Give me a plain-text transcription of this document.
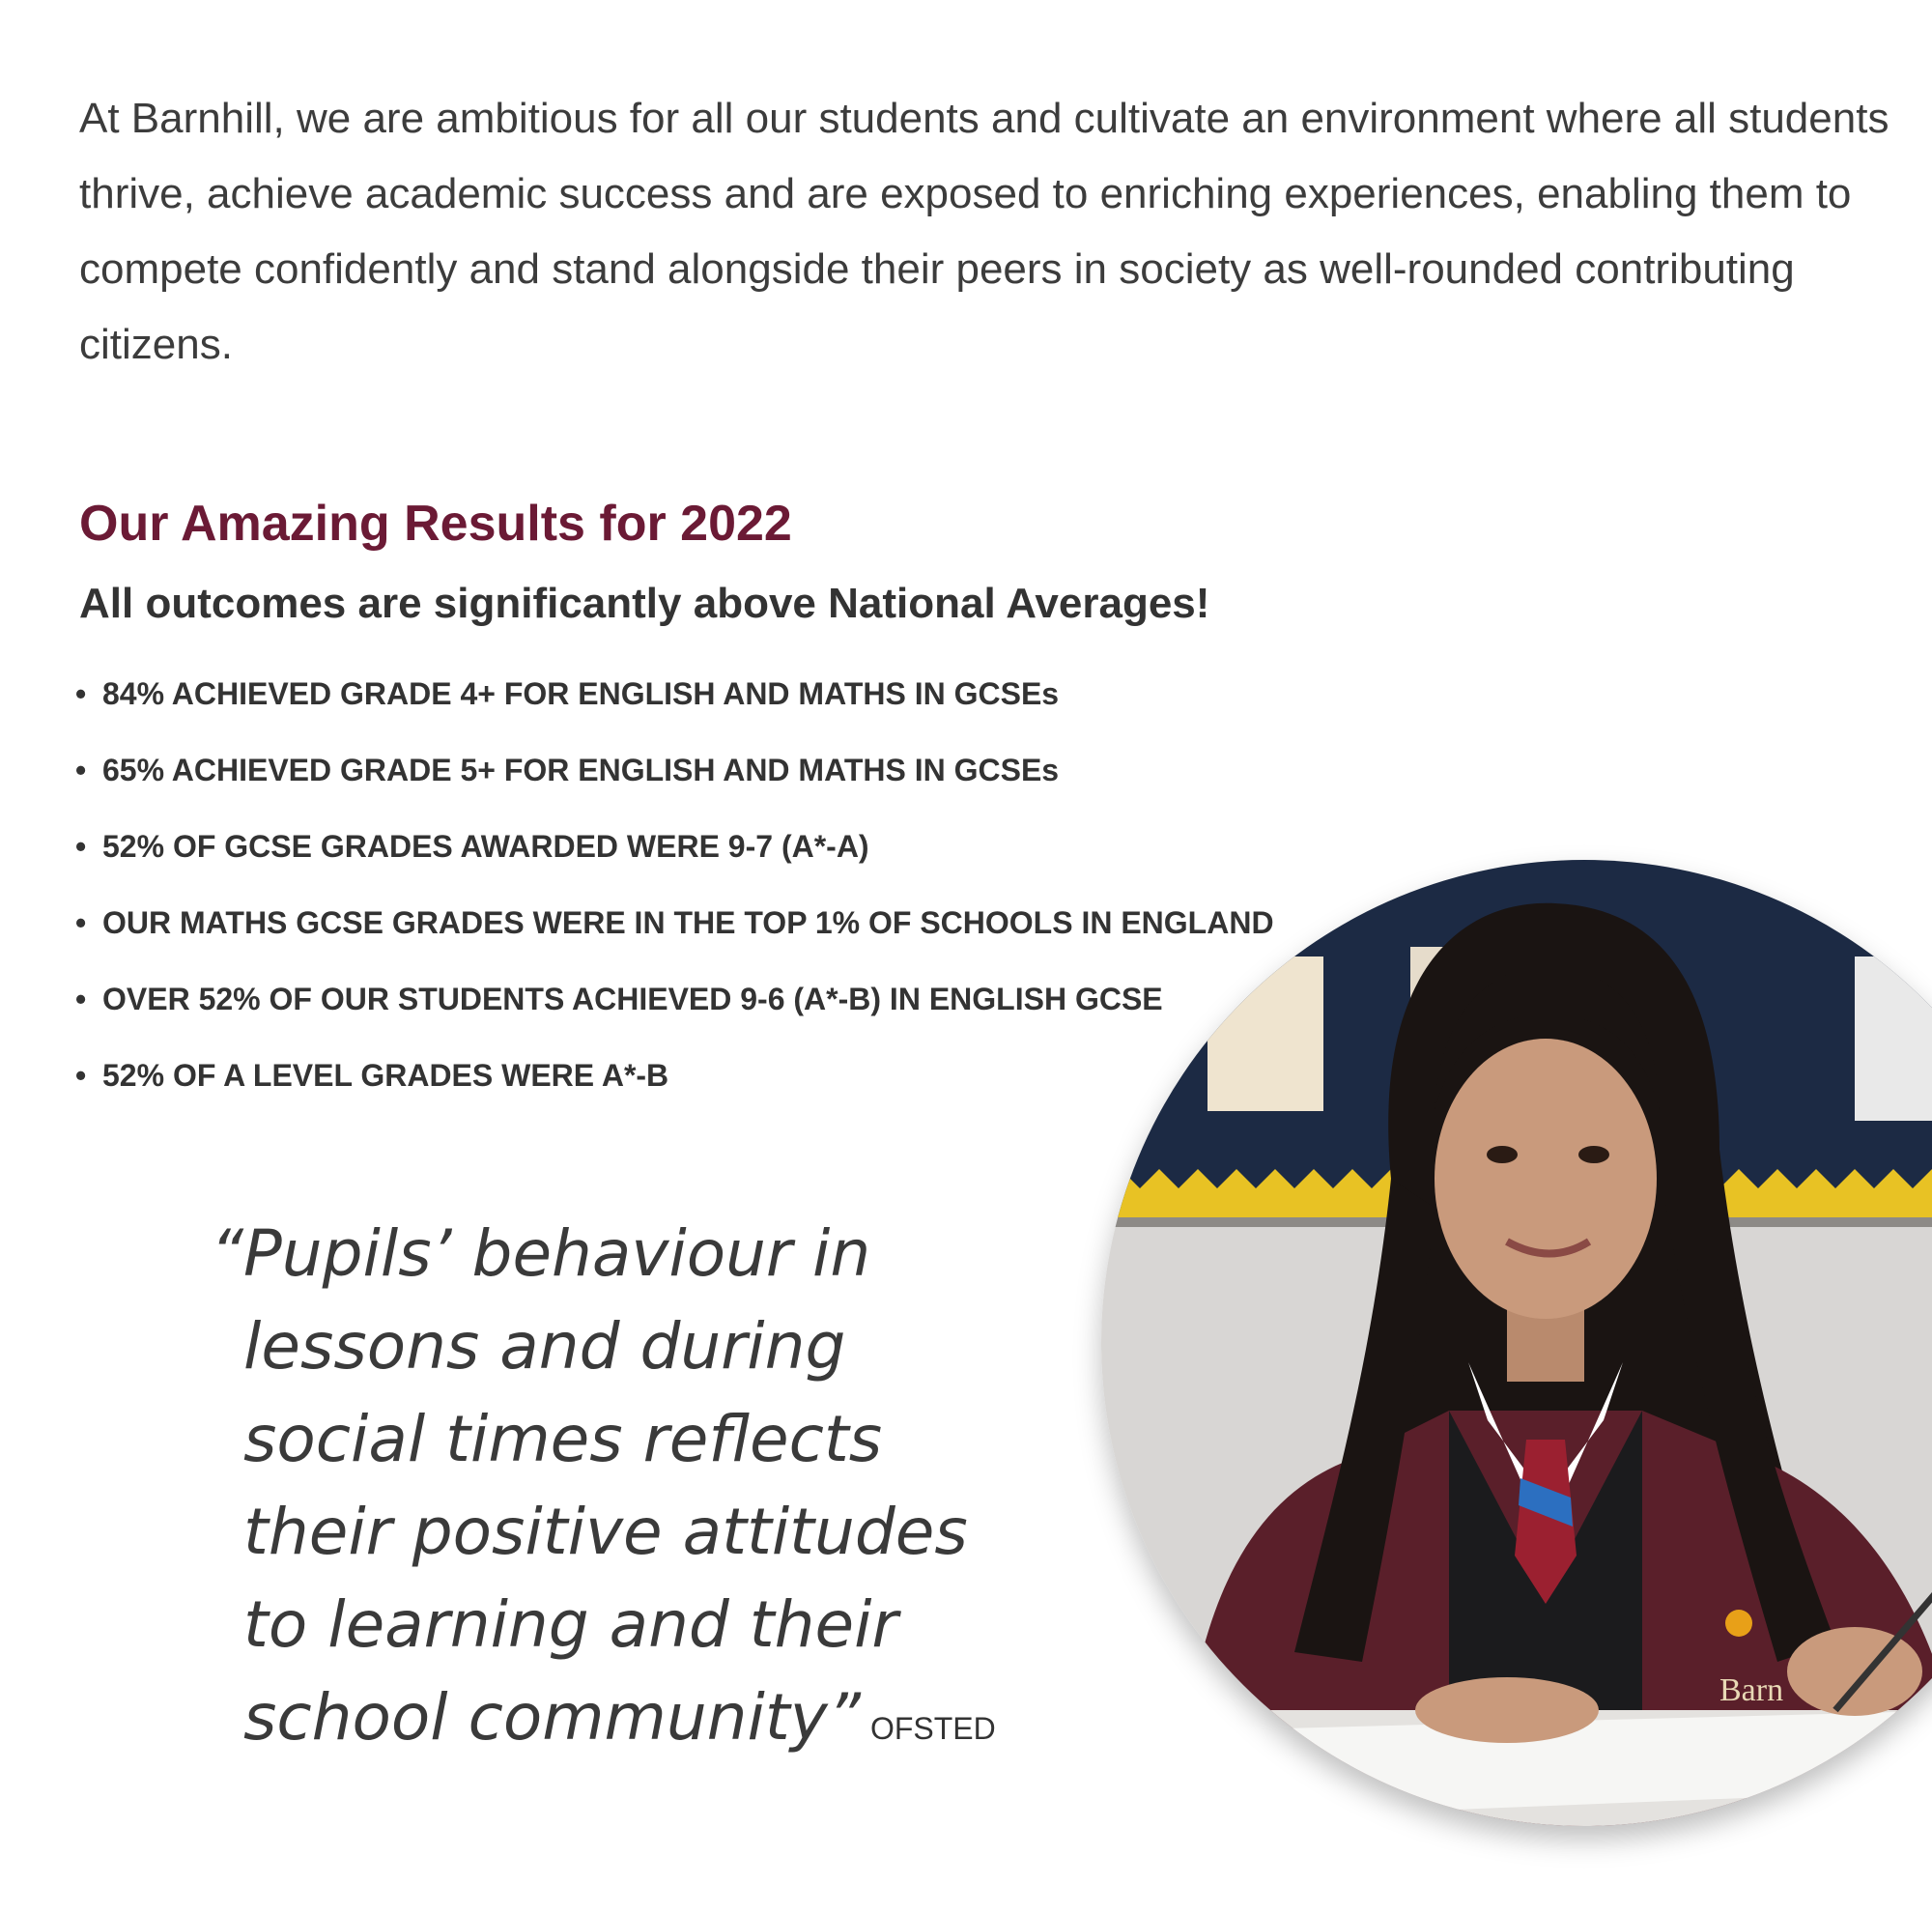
At Barnhill, we are ambitious for all our students and cultivate an environment where all students thrive, achieve academic success and are exposed to enriching experiences, enabling them to compete confidently and stand alongside their peers in society as well-rounded contributing citizens.

Our Amazing Results for 2022
All outcomes are significantly above National Averages!
• 84% ACHIEVED GRADE 4+ FOR ENGLISH AND MATHS IN GCSEs
• 65% ACHIEVED GRADE 5+ FOR ENGLISH AND MATHS IN GCSEs
• 52% OF GCSE GRADES AWARDED WERE 9-7 (A*-A)
• OUR MATHS GCSE GRADES WERE IN THE TOP 1% OF SCHOOLS IN ENGLAND
• OVER 52% OF OUR STUDENTS ACHIEVED 9-6 (A*-B) IN ENGLISH GCSE
• 52% OF A LEVEL GRADES WERE A*-B
Barn
“ Pupils’ behaviour in
lessons and during
social times reflects
their positive attitudes
to learning and their
school community” OFSTED
